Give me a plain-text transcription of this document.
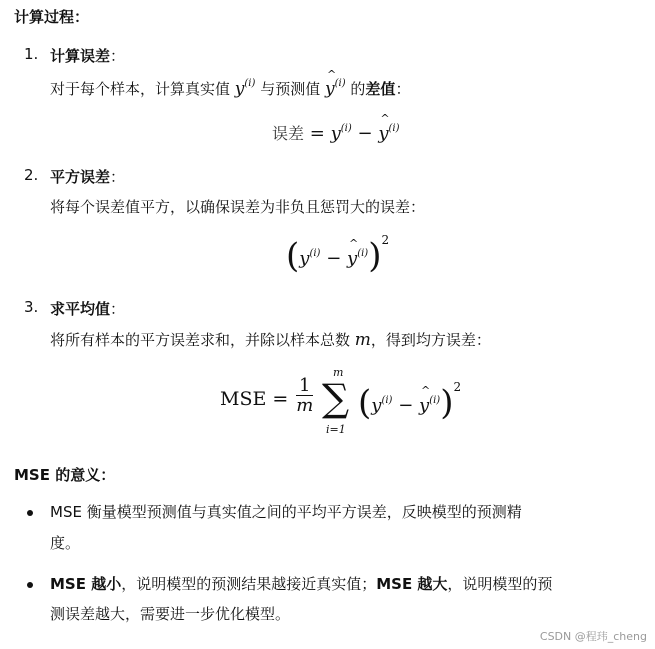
计算过程：
1. 计算误差：
对于每个样本，计算真实值 $y^{(i)}$ 与预测值 ^ $y^{(i)}$ 的差值：
误差 = $y^{(i)}$ − ^ $y^{(i)}$
2. 平方误差：
将每个误差值平方，以确保误差为非负且惩罚大的误差：
($y^{(i)}$ − ^ $y^{(i)})^2$
3. 求平均值：
将所有样本的平方误差求和，并除以样本总数 m，得到均方误差：
MSE = $\frac{1}{m}$
m
∑
i=1
($y^{(i)}$ − ^ $y^{(i)})^2$
MSE 的意义：
MSE 衡量模型预测值与真实值之间的平均平方误差，反映模型的预测精
度。
MSE 越小，说明模型的预测结果越接近真实值；MSE 越大，说明模型的预
测误差越大，需要进一步优化模型。
CSDN @程玮_cheng
